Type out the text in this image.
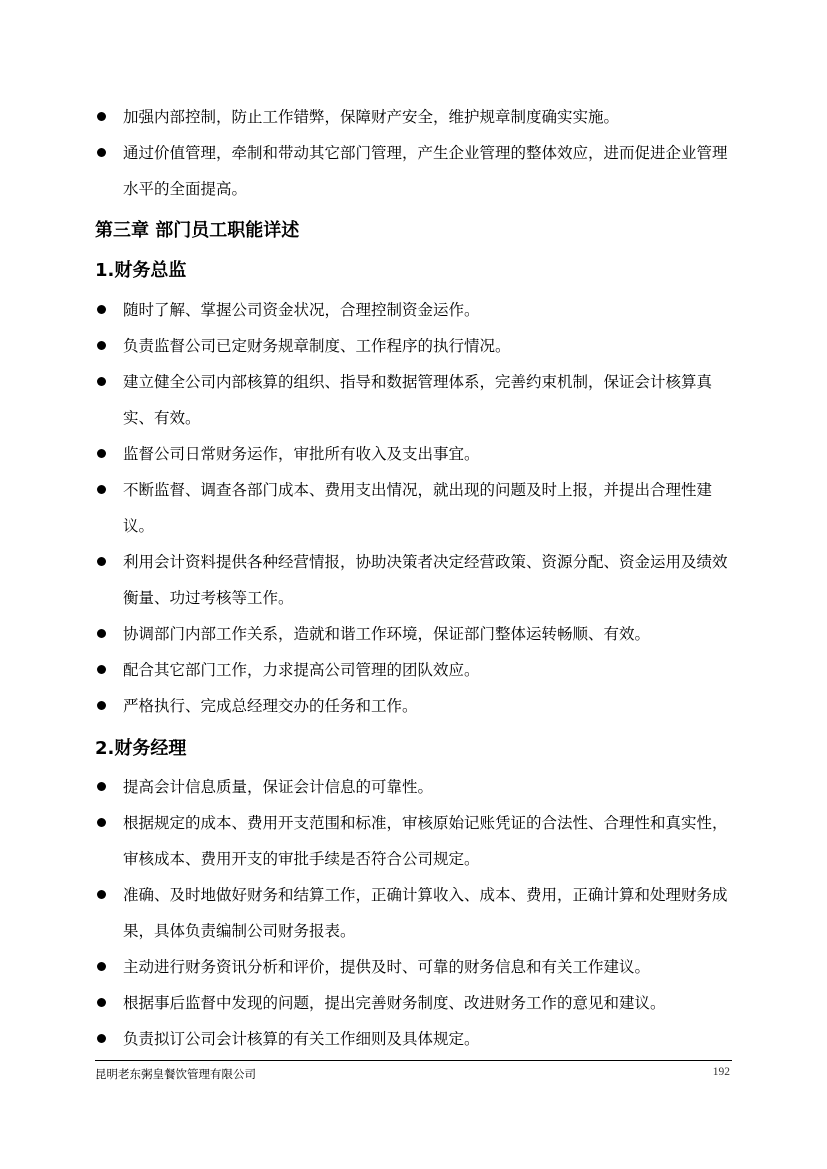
加强内部控制，防止工作错弊，保障财产安全，维护规章制度确实实施。
通过价值管理，牵制和带动其它部门管理，产生企业管理的整体效应，进而促进企业管理水平的全面提高。
第三章 部门员工职能详述
1.财务总监
随时了解、掌握公司资金状况，合理控制资金运作。
负责监督公司已定财务规章制度、工作程序的执行情况。
建立健全公司内部核算的组织、指导和数据管理体系，完善约束机制，保证会计核算真实、有效。
监督公司日常财务运作，审批所有收入及支出事宜。
不断监督、调查各部门成本、费用支出情况，就出现的问题及时上报，并提出合理性建议。
利用会计资料提供各种经营情报，协助决策者决定经营政策、资源分配、资金运用及绩效衡量、功过考核等工作。
协调部门内部工作关系，造就和谐工作环境，保证部门整体运转畅顺、有效。
配合其它部门工作，力求提高公司管理的团队效应。
严格执行、完成总经理交办的任务和工作。
2.财务经理
提高会计信息质量，保证会计信息的可靠性。
根据规定的成本、费用开支范围和标准，审核原始记账凭证的合法性、合理性和真实性，审核成本、费用开支的审批手续是否符合公司规定。
准确、及时地做好财务和结算工作，正确计算收入、成本、费用，正确计算和处理财务成果，具体负责编制公司财务报表。
主动进行财务资讯分析和评价，提供及时、可靠的财务信息和有关工作建议。
根据事后监督中发现的问题，提出完善财务制度、改进财务工作的意见和建议。
负责拟订公司会计核算的有关工作细则及具体规定。
昆明老东粥皇餐饮管理有限公司	192
